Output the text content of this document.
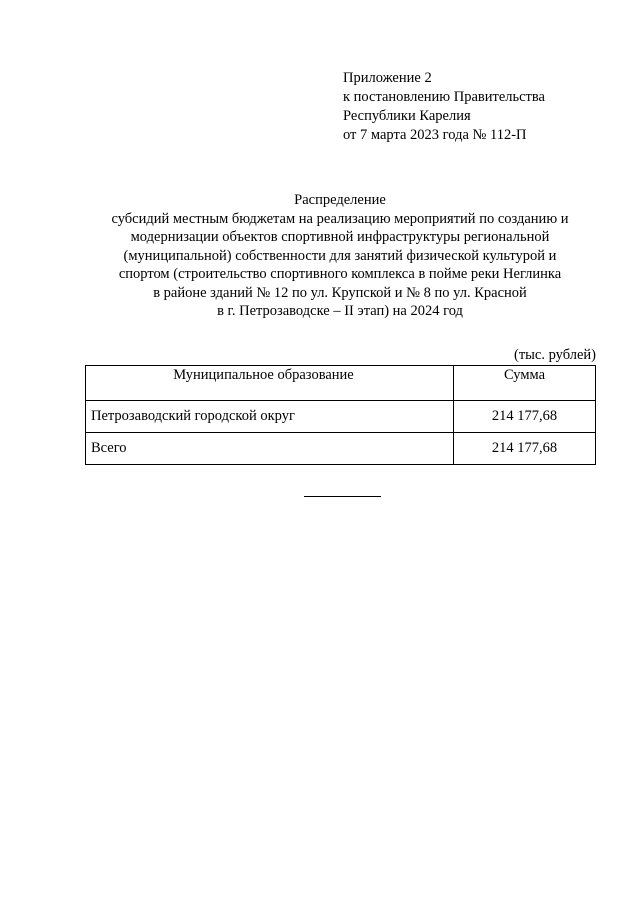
Приложение 2
к постановлению Правительства
Республики Карелия
от 7 марта 2023 года № 112-П
Распределение
субсидий местным бюджетам на реализацию мероприятий по созданию и
модернизации объектов спортивной инфраструктуры региональной
(муниципальной) собственности для занятий физической культурой и
спортом (строительство спортивного комплекса в пойме реки Неглинка
в районе зданий № 12 по ул. Крупской и № 8 по ул. Красной
в г. Петрозаводске – II этап) на 2024 год
(тыс. рублей)
Муниципальное образование	Сумма
Петрозаводский городской округ	214 177,68
Всего	214 177,68
